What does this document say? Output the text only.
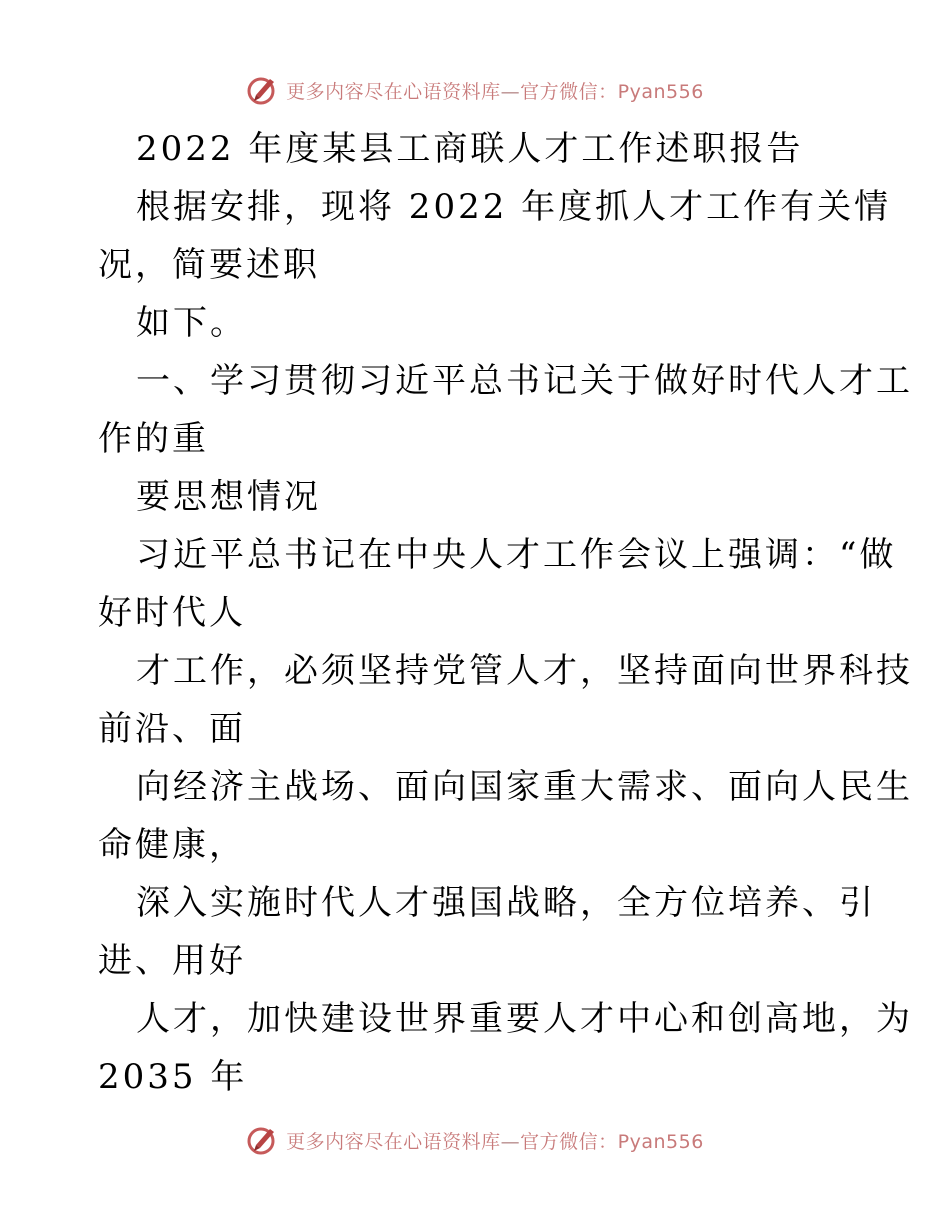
更多内容尽在心语资料库—官方微信：Pyan556
2022 年度某县工商联人才工作述职报告
根据安排，现将 2022 年度抓人才工作有关情
况，简要述职
如下。
一、学习贯彻习近平总书记关于做好时代人才工
作的重
要思想情况
习近平总书记在中央人才工作会议上强调：“做
好时代人
才工作，必须坚持党管人才，坚持面向世界科技
前沿、面
向经济主战场、面向国家重大需求、面向人民生
命健康，
深入实施时代人才强国战略，全方位培养、引
进、用好
人才，加快建设世界重要人才中心和创高地，为
2035 年
更多内容尽在心语资料库—官方微信：Pyan556
